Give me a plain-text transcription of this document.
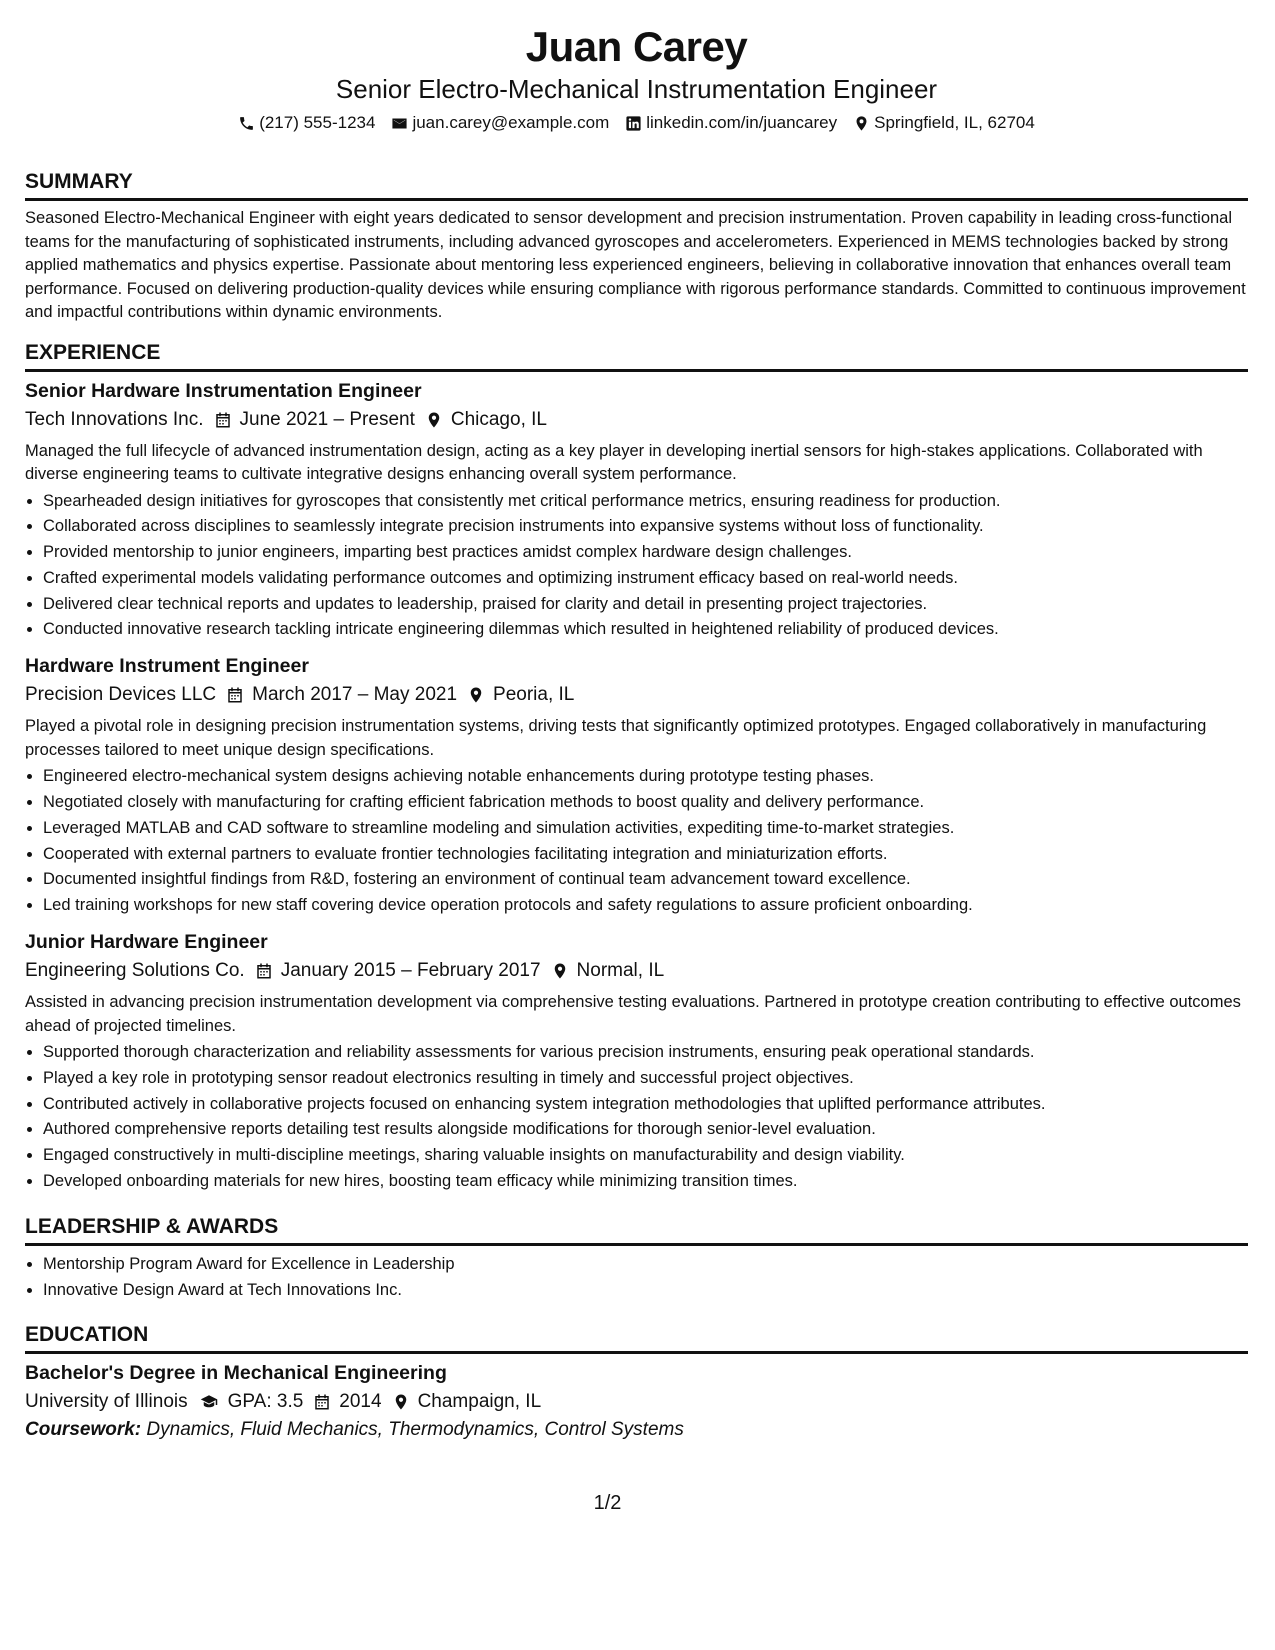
Juan Carey
Senior Electro-Mechanical Instrumentation Engineer
(217) 555-1234 juan.carey@example.com linkedin.com/in/juancarey Springfield, IL, 62704
SUMMARY
Seasoned Electro-Mechanical Engineer with eight years dedicated to sensor development and precision instrumentation. Proven capability in leading cross-functional teams for the manufacturing of sophisticated instruments, including advanced gyroscopes and accelerometers. Experienced in MEMS technologies backed by strong applied mathematics and physics expertise. Passionate about mentoring less experienced engineers, believing in collaborative innovation that enhances overall team performance. Focused on delivering production-quality devices while ensuring compliance with rigorous performance standards. Committed to continuous improvement and impactful contributions within dynamic environments.
EXPERIENCE
Senior Hardware Instrumentation Engineer
Tech Innovations Inc. June 2021 – Present Chicago, IL
Managed the full lifecycle of advanced instrumentation design, acting as a key player in developing inertial sensors for high-stakes applications. Collaborated with diverse engineering teams to cultivate integrative designs enhancing overall system performance.
• Spearheaded design initiatives for gyroscopes that consistently met critical performance metrics, ensuring readiness for production.
• Collaborated across disciplines to seamlessly integrate precision instruments into expansive systems without loss of functionality.
• Provided mentorship to junior engineers, imparting best practices amidst complex hardware design challenges.
• Crafted experimental models validating performance outcomes and optimizing instrument efficacy based on real-world needs.
• Delivered clear technical reports and updates to leadership, praised for clarity and detail in presenting project trajectories.
• Conducted innovative research tackling intricate engineering dilemmas which resulted in heightened reliability of produced devices.
Hardware Instrument Engineer
Precision Devices LLC March 2017 – May 2021 Peoria, IL
Played a pivotal role in designing precision instrumentation systems, driving tests that significantly optimized prototypes. Engaged collaboratively in manufacturing processes tailored to meet unique design specifications.
• Engineered electro-mechanical system designs achieving notable enhancements during prototype testing phases.
• Negotiated closely with manufacturing for crafting efficient fabrication methods to boost quality and delivery performance.
• Leveraged MATLAB and CAD software to streamline modeling and simulation activities, expediting time-to-market strategies.
• Cooperated with external partners to evaluate frontier technologies facilitating integration and miniaturization efforts.
• Documented insightful findings from R&D, fostering an environment of continual team advancement toward excellence.
• Led training workshops for new staff covering device operation protocols and safety regulations to assure proficient onboarding.
Junior Hardware Engineer
Engineering Solutions Co. January 2015 – February 2017 Normal, IL
Assisted in advancing precision instrumentation development via comprehensive testing evaluations. Partnered in prototype creation contributing to effective outcomes ahead of projected timelines.
• Supported thorough characterization and reliability assessments for various precision instruments, ensuring peak operational standards.
• Played a key role in prototyping sensor readout electronics resulting in timely and successful project objectives.
• Contributed actively in collaborative projects focused on enhancing system integration methodologies that uplifted performance attributes.
• Authored comprehensive reports detailing test results alongside modifications for thorough senior-level evaluation.
• Engaged constructively in multi-discipline meetings, sharing valuable insights on manufacturability and design viability.
• Developed onboarding materials for new hires, boosting team efficacy while minimizing transition times.
LEADERSHIP & AWARDS
• Mentorship Program Award for Excellence in Leadership
• Innovative Design Award at Tech Innovations Inc.
EDUCATION
Bachelor's Degree in Mechanical Engineering
University of Illinois GPA: 3.5 2014 Champaign, IL
Coursework: Dynamics, Fluid Mechanics, Thermodynamics, Control Systems
1/2
